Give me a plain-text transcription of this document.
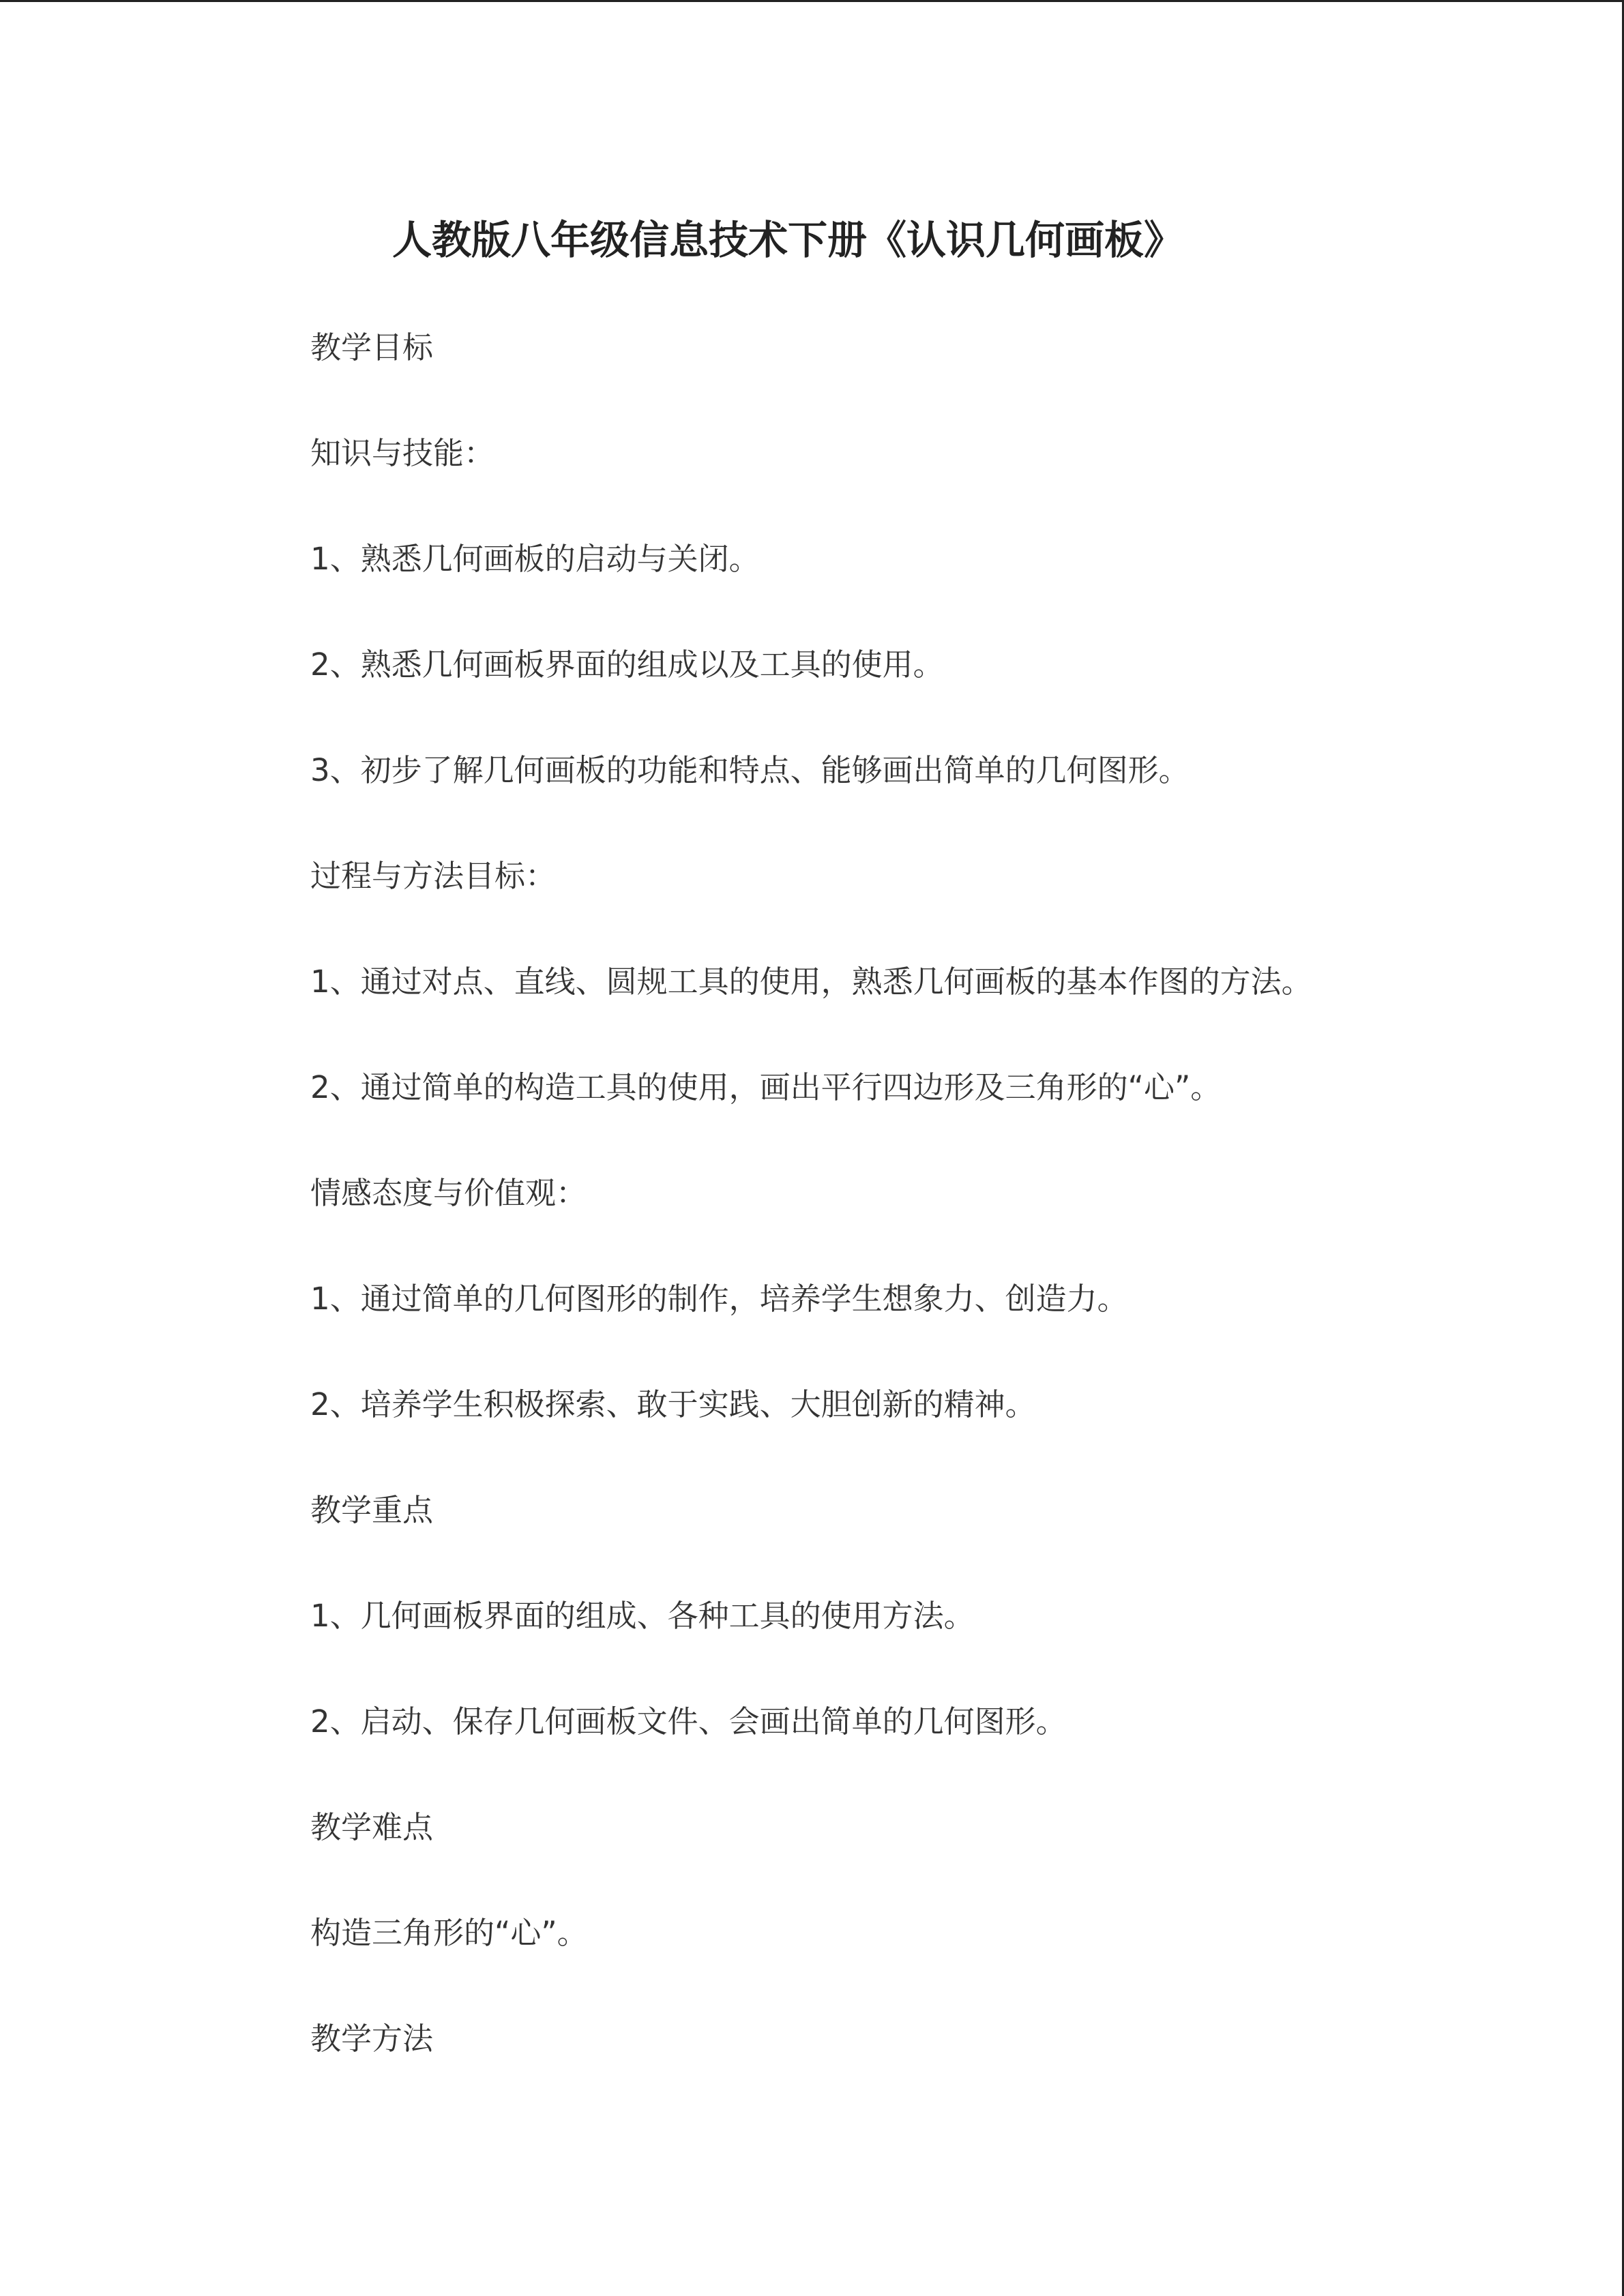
人教版八年级信息技术下册《认识几何画板》

教学目标

知识与技能：

1、熟悉几何画板的启动与关闭。

2、熟悉几何画板界面的组成以及工具的使用。

3、初步了解几何画板的功能和特点、能够画出简单的几何图形。

过程与方法目标：

1、通过对点、直线、圆规工具的使用，熟悉几何画板的基本作图的方法。

2、通过简单的构造工具的使用，画出平行四边形及三角形的“心”。

情感态度与价值观：

1、通过简单的几何图形的制作，培养学生想象力、创造力。

2、培养学生积极探索、敢于实践、大胆创新的精神。

教学重点

1、几何画板界面的组成、各种工具的使用方法。

2、启动、保存几何画板文件、会画出简单的几何图形。

教学难点

构造三角形的“心”。

教学方法
